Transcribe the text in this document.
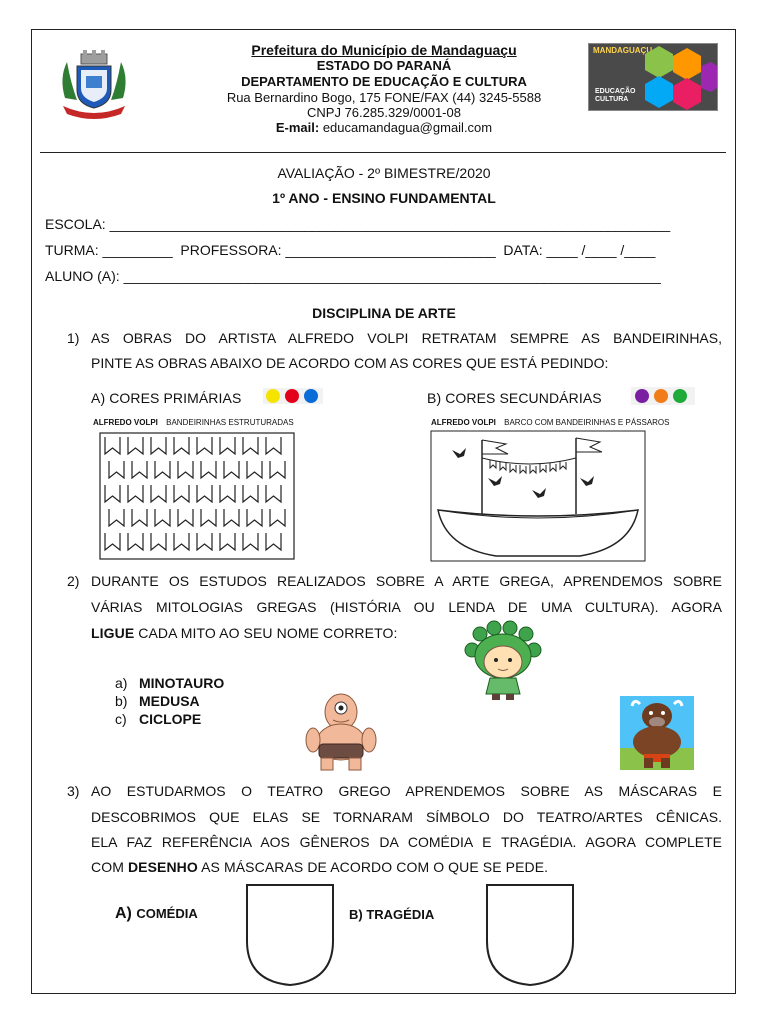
Prefeitura do Município de Mandaguaçu
ESTADO DO PARANÁ
DEPARTAMENTO DE EDUCAÇÃO E CULTURA
Rua Bernardino Bogo, 175 FONE/FAX (44) 3245-5588
CNPJ 76.285.329/0001-08
E-mail: educamandagua@gmail.com
MANDAGUAÇU
EDUCAÇÃO CULTURA
AVALIAÇÃO - 2º BIMESTRE/2020
1º ANO - ENSINO FUNDAMENTAL
ESCOLA: ________________________________________________________________________
TURMA: _________  PROFESSORA: ___________________________  DATA: ____ /____ /____
ALUNO (A): _____________________________________________________________________
DISCIPLINA DE ARTE
1) AS OBRAS DO ARTISTA ALFREDO VOLPI RETRATAM SEMPRE AS BANDEIRINHAS,
PINTE AS OBRAS ABAIXO DE ACORDO COM AS CORES QUE ESTÁ PEDINDO:
A) CORES PRIMÁRIAS	B) CORES SECUNDÁRIAS
ALFREDO VOLPI BANDEIRINHAS ESTRUTURADAS	ALFREDO VOLPI BARCO COM BANDEIRINHAS E PÁSSAROS
2) DURANTE OS ESTUDOS REALIZADOS SOBRE A ARTE GREGA, APRENDEMOS SOBRE
VÁRIAS MITOLOGIAS GREGAS (HISTÓRIA OU LENDA DE UMA CULTURA). AGORA
LIGUE CADA MITO AO SEU NOME CORRETO:
a) MINOTAURO
b) MEDUSA
c) CICLOPE
3) AO ESTUDARMOS O TEATRO GREGO APRENDEMOS SOBRE AS MÁSCARAS E
DESCOBRIMOS QUE ELAS SE TORNARAM SÍMBOLO DO TEATRO/ARTES CÊNICAS.
ELA FAZ REFERÊNCIA AOS GÊNEROS DA COMÉDIA E TRAGÉDIA. AGORA COMPLETE
COM DESENHO AS MÁSCARAS DE ACORDO COM O QUE SE PEDE.
A) COMÉDIA	B) TRAGÉDIA
